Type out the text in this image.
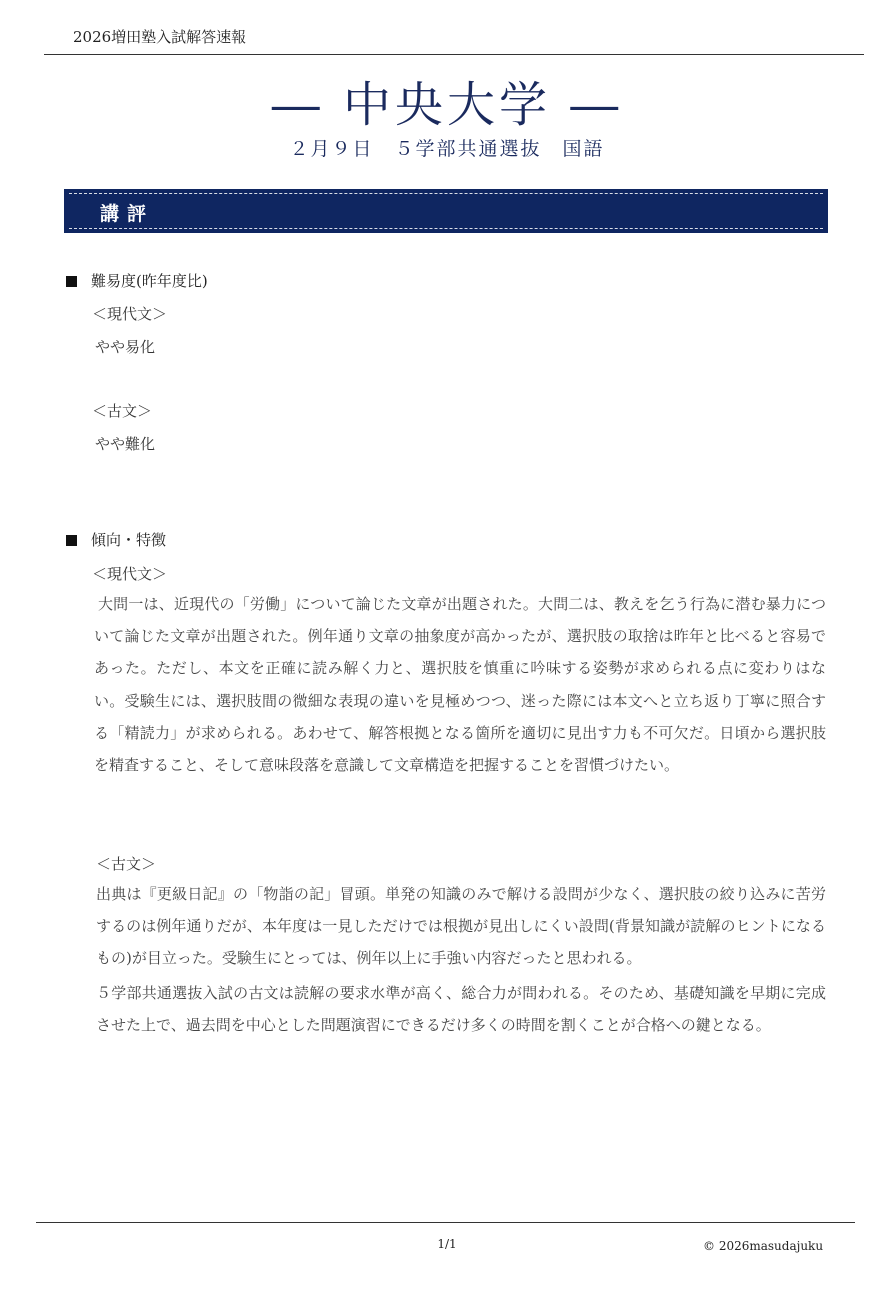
2026増田塾入試解答速報
― 中央大学 ―
２月９日　５学部共通選抜　国語
講評
難易度(昨年度比)
＜現代文＞
やや易化
＜古文＞
やや難化
傾向・特徴
＜現代文＞
大問一は、近現代の「労働」について論じた文章が出題された。大問二は、教えを乞う行為に潜む暴力について論じた文章が出題された。例年通り文章の抽象度が高かったが、選択肢の取捨は昨年と比べると容易であった。ただし、本文を正確に読み解く力と、選択肢を慎重に吟味する姿勢が求められる点に変わりはない。受験生には、選択肢間の微細な表現の違いを見極めつつ、迷った際には本文へと立ち返り丁寧に照合する「精読力」が求められる。あわせて、解答根拠となる箇所を適切に見出す力も不可欠だ。日頃から選択肢を精査すること、そして意味段落を意識して文章構造を把握することを習慣づけたい。
＜古文＞
出典は『更級日記』の「物詣の記」冒頭。単発の知識のみで解ける設問が少なく、選択肢の絞り込みに苦労するのは例年通りだが、本年度は一見しただけでは根拠が見出しにくい設問(背景知識が読解のヒントになるもの)が目立った。受験生にとっては、例年以上に手強い内容だったと思われる。
５学部共通選抜入試の古文は読解の要求水準が高く、総合力が問われる。そのため、基礎知識を早期に完成させた上で、過去問を中心とした問題演習にできるだけ多くの時間を割くことが合格への鍵となる。
1/1	© 2026masudajuku
